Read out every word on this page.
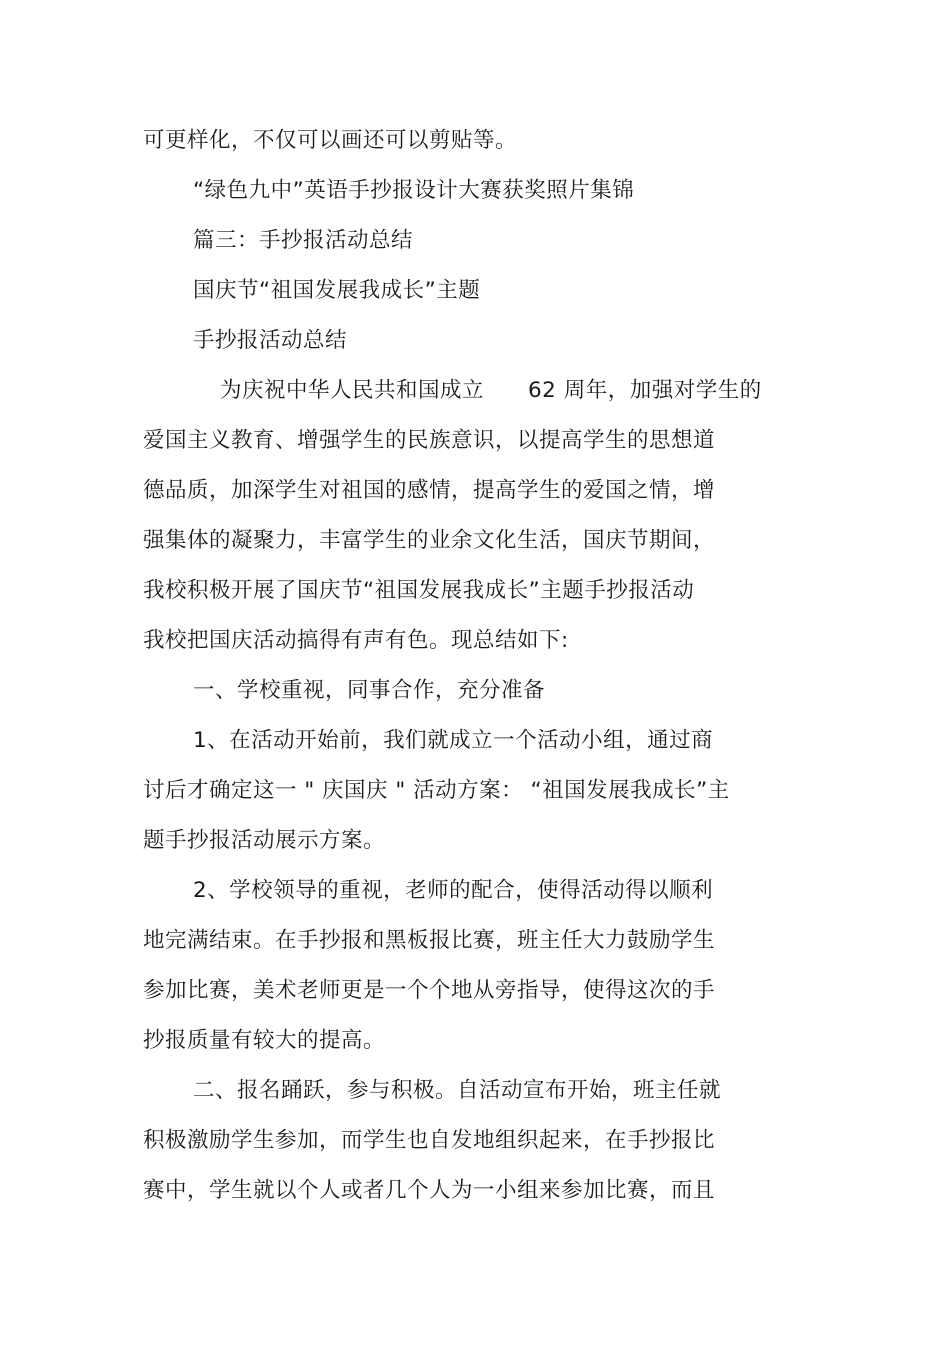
可更样化，不仅可以画还可以剪贴等。
“绿色九中”英语手抄报设计大赛获奖照片集锦
篇三：手抄报活动总结
国庆节“祖国发展我成长”主题
手抄报活动总结
为庆祝中华人民共和国成立　　62 周年，加强对学生的
爱国主义教育、增强学生的民族意识，以提高学生的思想道
德品质，加深学生对祖国的感情，提高学生的爱国之情，增
强集体的凝聚力，丰富学生的业余文化生活，国庆节期间，
我校积极开展了国庆节“祖国发展我成长”主题手抄报活动
我校把国庆活动搞得有声有色。现总结如下:
一、学校重视，同事合作，充分准备
1、在活动开始前，我们就成立一个活动小组，通过商
讨后才确定这一 " 庆国庆 " 活动方案： “祖国发展我成长”主
题手抄报活动展示方案。
2、学校领导的重视，老师的配合，使得活动得以顺利
地完满结束。在手抄报和黑板报比赛，班主任大力鼓励学生
参加比赛，美术老师更是一个个地从旁指导，使得这次的手
抄报质量有较大的提高。
二、报名踊跃，参与积极。自活动宣布开始，班主任就
积极激励学生参加，而学生也自发地组织起来，在手抄报比
赛中，学生就以个人或者几个人为一小组来参加比赛，而且
